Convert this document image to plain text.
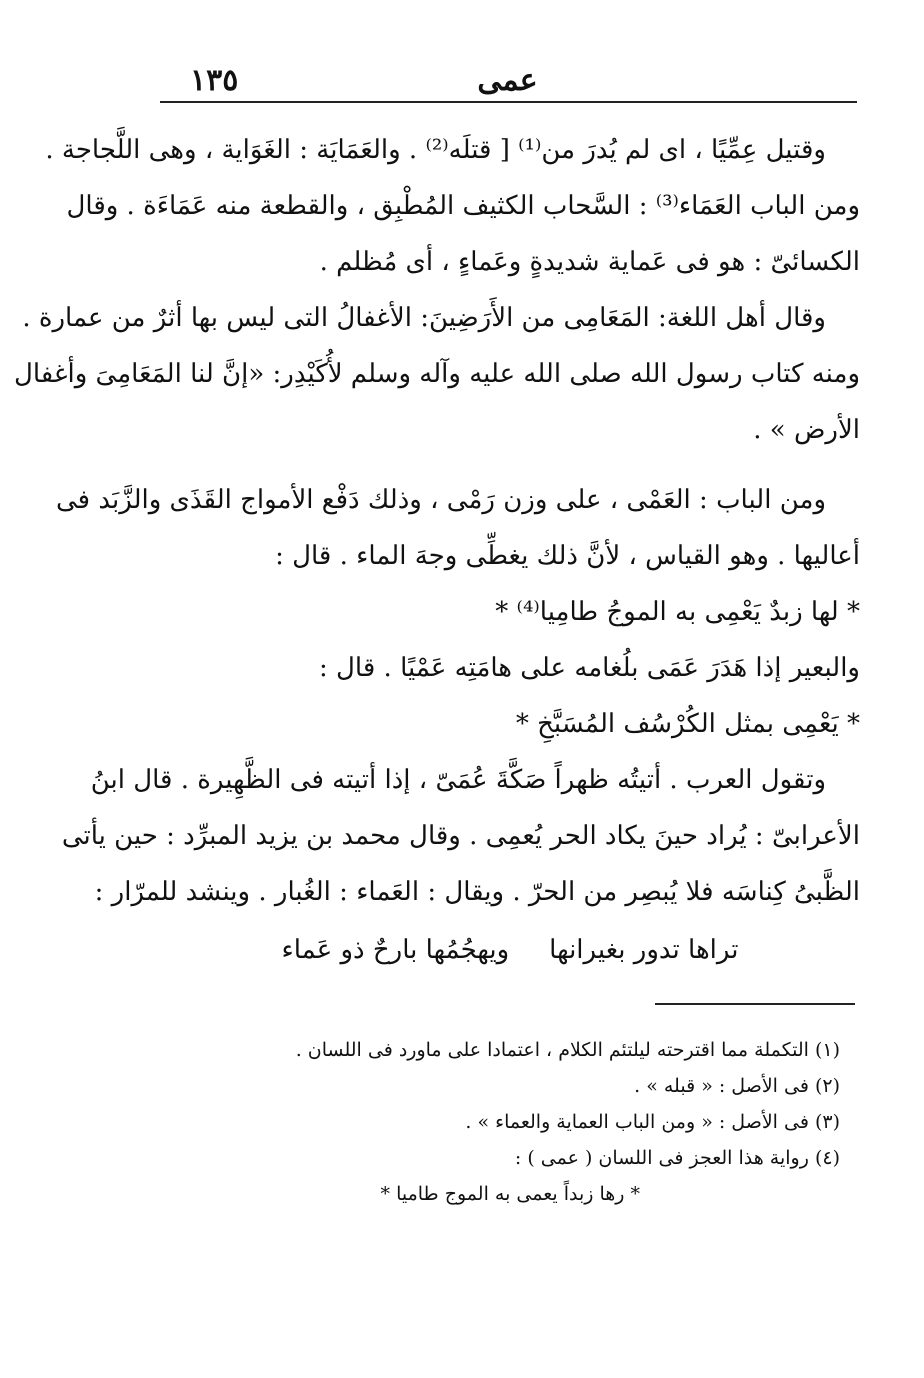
١٣٥	عمى
وقتيل عِمِّيًا ، اى لم يُدرَ من⁽¹⁾ [ قتلَه⁽²⁾ . والعَمَايَة : الغَوَاية ، وهى اللَّجاجة .
ومن الباب العَمَاء⁽³⁾ : السَّحاب الكثيف المُطْبِق ، والقطعة منه عَمَاءَة . وقال
الكسائىّ : هو فى عَماية شديدةٍ وعَماءٍ ، أى مُظلم .
وقال أهل اللغة: المَعَامِى من الأَرَضِينَ: الأغفالُ التى ليس بها أثرٌ من عمارة .
ومنه كتاب رسول الله صلى الله عليه وآله وسلم لأُكَيْدِر: «إنَّ لنا المَعَامِىَ وأغفال
الأرض » .
ومن الباب : العَمْى ، على وزن رَمْى ، وذلك دَفْع الأمواج القَذَى والزَّبَد فى
أعاليها . وهو القياس ، لأنَّ ذلك يغطِّى وجهَ الماء . قال :
* لها زبدٌ يَعْمِى به الموجُ طامِيا⁽⁴⁾ *
والبعير إذا هَدَرَ عَمَى بلُغامه على هامَتِه عَمْيًا . قال :
* يَعْمِى بمثل الكُرْسُف المُسَبَّخِ *
وتقول العرب . أتيتُه ظهراً صَكَّةَ عُمَىّ ، إذا أتيته فى الظَّهِيرة . قال ابنُ
الأعرابىّ : يُراد حينَ يكاد الحر يُعمِى . وقال محمد بن يزيد المبرِّد : حين يأتى
الظَّبىُ كِناسَه فلا يُبصِر من الحرّ . ويقال : العَماء : الغُبار . وينشد للمرّار :
تراها تدور بغيرانها
ويهجُمُها بارحٌ ذو عَماء
(١) التكملة مما اقترحته ليلتئم الكلام ، اعتمادا على ماورد فى اللسان .
(٢) فى الأصل : « قبله » .
(٣) فى الأصل : « ومن الباب العماية والعماء » .
(٤) رواية هذا العجز فى اللسان ( عمى ) :
* رها زبداً يعمى به الموج طاميا *
